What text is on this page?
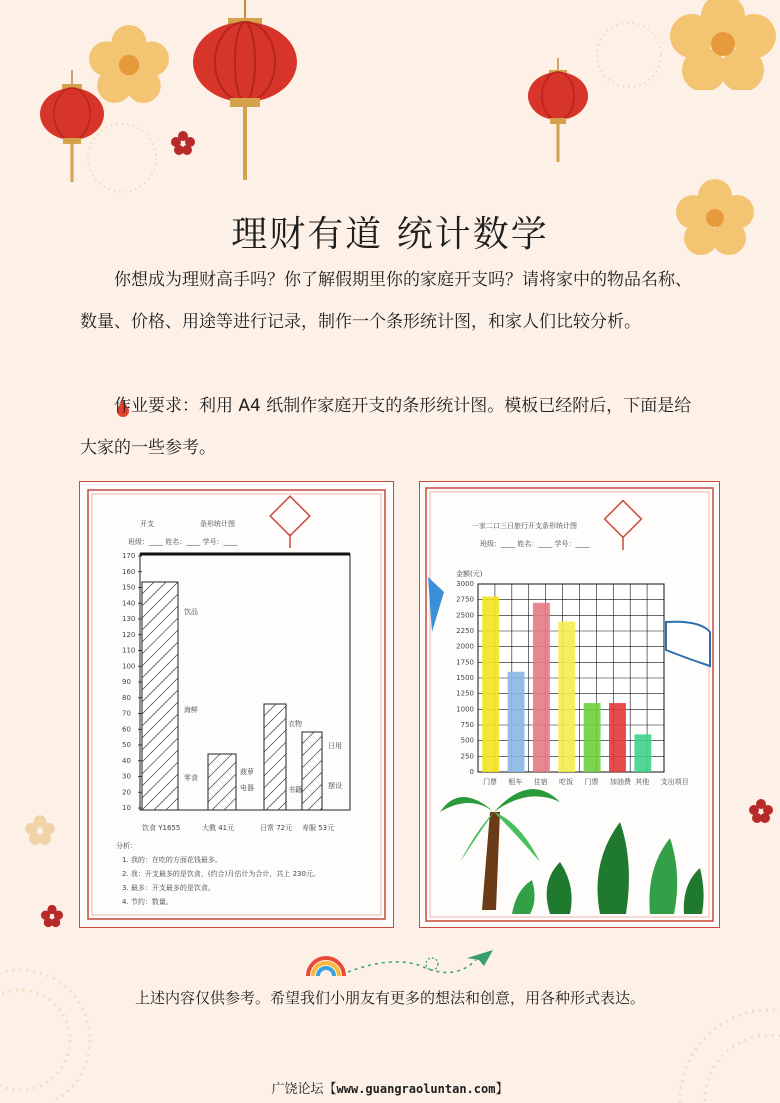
理财有道 统计数学
你想成为理财高手吗？你了解假期里你的家庭开支吗？请将家中的物品名称、数量、价格、用途等进行记录，制作一个条形统计图，和家人们比较分析。
作业要求：利用 A4 纸制作家庭开支的条形统计图。模板已经附后，下面是给大家的一些参考。
开支	条形统计图
班级：____ 姓名：____ 学号：____
10
20
30
40
50
60
70
80
90
100
110
120
130
140
150
160
170
饮食 Y1655	大教 41元	日常 72元 寿服 53元
饮品
海鲜
零食
菠萝
电器
衣物
书籍
日用
摆设
分析：
1. 我的：在吃的方面花钱最多。
2. 我：开支最多的是饮食，(约合)月估计为合计，共上 230元。
3. 最多：开支最多的是饮食。
4. 节约：数量。
一家二口三日旅行开支条形统计图
班级：____ 姓名：____ 学号：____
金额(元)
0
250
500
750
1000
1250
1500
1750
2000
2250
2500
2750
3000
门票 租车 住宿 吃饭 门票 加油费 其他 支出项目
上述内容仅供参考。希望我们小朋友有更多的想法和创意，用各种形式表达。
广饶论坛【www.guangraoluntan.com】
